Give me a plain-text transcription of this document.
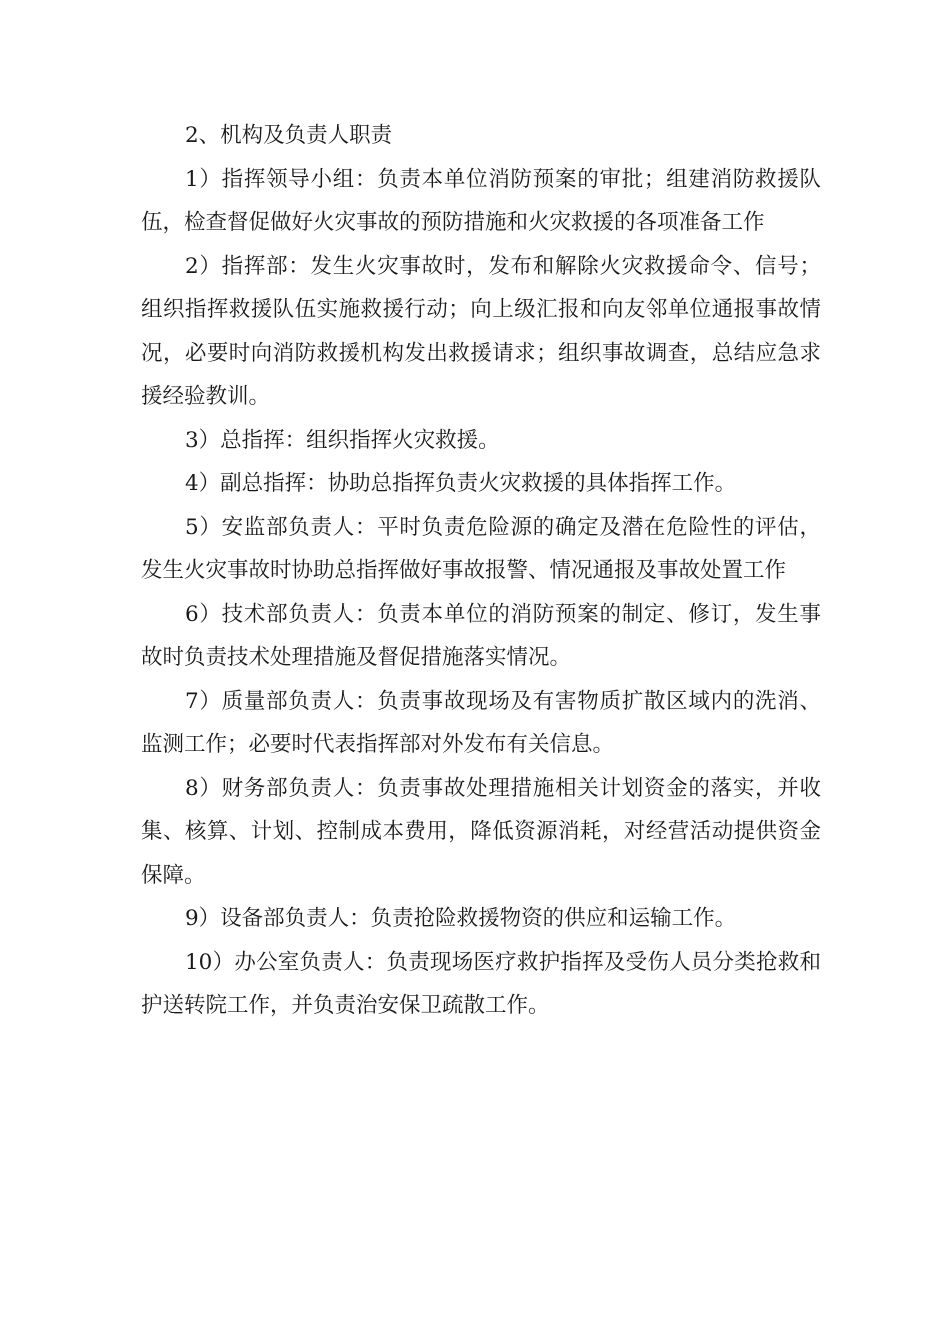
2、机构及负责人职责

1）指挥领导小组：负责本单位消防预案的审批；组建消防救援队伍，检查督促做好火灾事故的预防措施和火灾救援的各项准备工作

2）指挥部：发生火灾事故时，发布和解除火灾救援命令、信号；组织指挥救援队伍实施救援行动；向上级汇报和向友邻单位通报事故情况，必要时向消防救援机构发出救援请求；组织事故调查，总结应急求援经验教训。

3）总指挥：组织指挥火灾救援。

4）副总指挥：协助总指挥负责火灾救援的具体指挥工作。

5）安监部负责人：平时负责危险源的确定及潜在危险性的评估，发生火灾事故时协助总指挥做好事故报警、情况通报及事故处置工作

6）技术部负责人：负责本单位的消防预案的制定、修订，发生事故时负责技术处理措施及督促措施落实情况。

7）质量部负责人：负责事故现场及有害物质扩散区域内的洗消、监测工作；必要时代表指挥部对外发布有关信息。

8）财务部负责人：负责事故处理措施相关计划资金的落实，并收集、核算、计划、控制成本费用，降低资源消耗，对经营活动提供资金保障。

9）设备部负责人：负责抢险救援物资的供应和运输工作。

10）办公室负责人：负责现场医疗救护指挥及受伤人员分类抢救和护送转院工作，并负责治安保卫疏散工作。
